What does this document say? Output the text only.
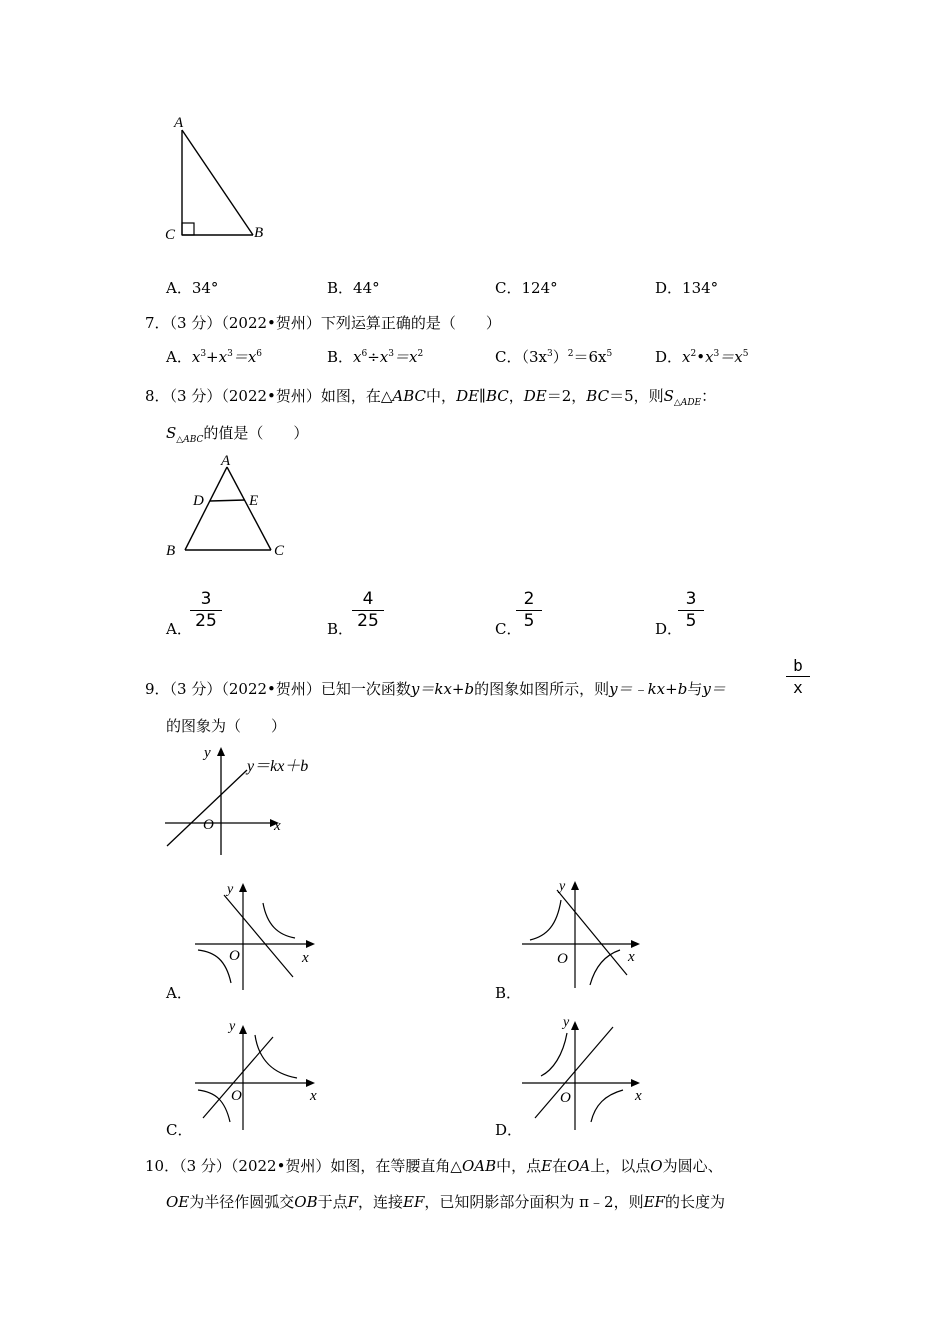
A
C	B
A．34°	B．44°	C．124°	D．134°
7．（3 分）（2022•贺州）下列运算正确的是（　　）
A．$x^3+x^3=x^6$	B．$x^6\div x^3=x^2$	C．$(3x^3)^2=6x^5$	D．$x^2•x^3=x^5$
8．（3 分）（2022•贺州）如图，在△ABC中，DE∥BC，DE＝2，BC＝5，则$S_{\triangle ADE}$：
$S_{\triangle ABC}$的值是（　　）
A
D	E
B	C
A．
$\frac{3}{25}$	B．
$\frac{4}{25}$	C．
$\frac{2}{5}$	D．
$\frac{3}{5}$
9．（3 分）（2022•贺州）已知一次函数y＝kx+b的图象如图所示，则y＝﹣kx+b与y＝	$\frac{b}{x}$
的图象为（　　）
y
x
O
y＝kx＋b
y
x
O
A．
y
x
O
B．
y
x
O
C．
y
x
O
D．
10．（3 分）（2022•贺州）如图，在等腰直角△OAB中，点E在OA上，以点O为圆心、
OE为半径作圆弧交OB于点F，连接EF，已知阴影部分面积为 π﹣2，则EF的长度为
